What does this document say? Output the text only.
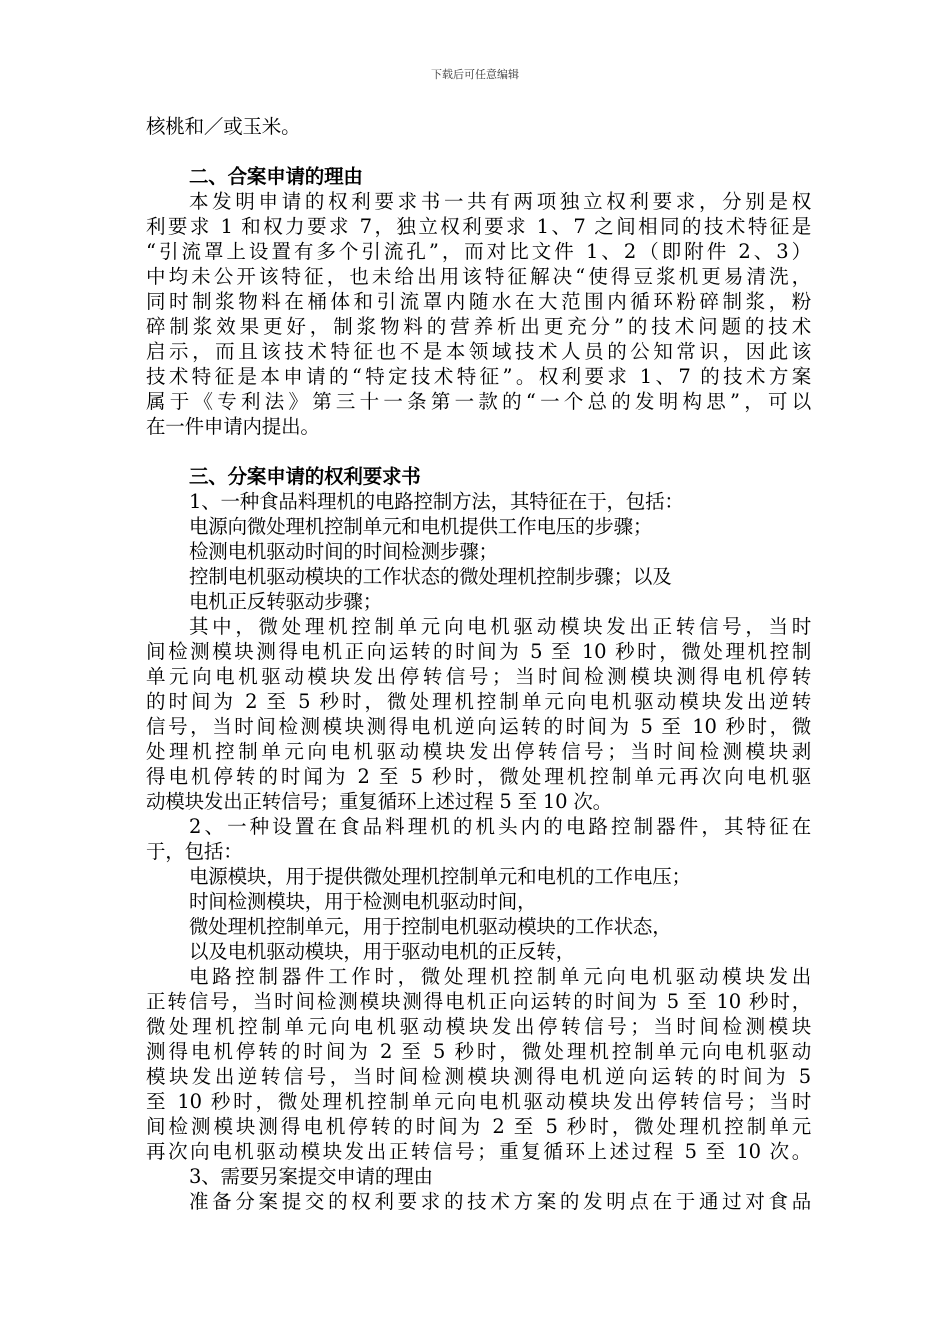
下载后可任意编辑
核桃和／或玉米。
二、合案申请的理由
本发明申请的权利要求书一共有两项独立权利要求，分别是权
利要求 1 和权力要求 7，独立权利要求 1、7 之间相同的技术特征是
“引流罩上设置有多个引流孔”，而对比文件 1、2（即附件 2、3）
中均未公开该特征，也未给出用该特征解决“使得豆浆机更易清洗，
同时制浆物料在桶体和引流罩内随水在大范围内循环粉碎制浆，粉
碎制浆效果更好，制浆物料的营养析出更充分”的技术问题的技术
启示，而且该技术特征也不是本领域技术人员的公知常识，因此该
技术特征是本申请的“特定技术特征”。权利要求 1、7 的技术方案
属于《专利法》第三十一条第一款的“一个总的发明构思”，可以
在一件申请内提出。
三、分案申请的权利要求书
1、一种食品料理机的电路控制方法，其特征在于，包括：
电源向微处理机控制单元和电机提供工作电压的步骤；
检测电机驱动时间的时间检测步骤；
控制电机驱动模块的工作状态的微处理机控制步骤；以及
电机正反转驱动步骤；
其中，微处理机控制单元向电机驱动模块发出正转信号，当时
间检测模块测得电机正向运转的时间为 5 至 10 秒时，微处理机控制
单元向电机驱动模块发出停转信号；当时间检测模块测得电机停转
的时间为 2 至 5 秒时，微处理机控制单元向电机驱动模块发出逆转
信号，当时间检测模块测得电机逆向运转的时间为 5 至 10 秒时，微
处理机控制单元向电机驱动模块发出停转信号；当时间检测模块剥
得电机停转的时闻为 2 至 5 秒时，微处理机控制单元再次向电机驱
动模块发出正转信号；重复循环上述过程 5 至 10 次。
2、一种设置在食品料理机的机头内的电路控制器件，其特征在
于，包括：
电源模块，用于提供微处理机控制单元和电机的工作电压；
时间检测模块，用于检测电机驱动时间，
微处理机控制单元，用于控制电机驱动模块的工作状态，
以及电机驱动模块，用于驱动电机的正反转，
电路控制器件工作时，微处理机控制单元向电机驱动模块发出
正转信号，当时间检测模块测得电机正向运转的时间为 5 至 10 秒时，
微处理机控制单元向电机驱动模块发出停转信号；当时间检测模块
测得电机停转的时间为 2 至 5 秒时，微处理机控制单元向电机驱动
模块发出逆转信号，当时间检测模块测得电机逆向运转的时间为 5
至 10 秒时，微处理机控制单元向电机驱动模块发出停转信号；当时
间检测模块测得电机停转的时间为 2 至 5 秒时，微处理机控制单元
再次向电机驱动模块发出正转信号；重复循环上述过程 5 至 10 次。
3、需要另案提交申请的理由
准备分案提交的权利要求的技术方案的发明点在于通过对食品
